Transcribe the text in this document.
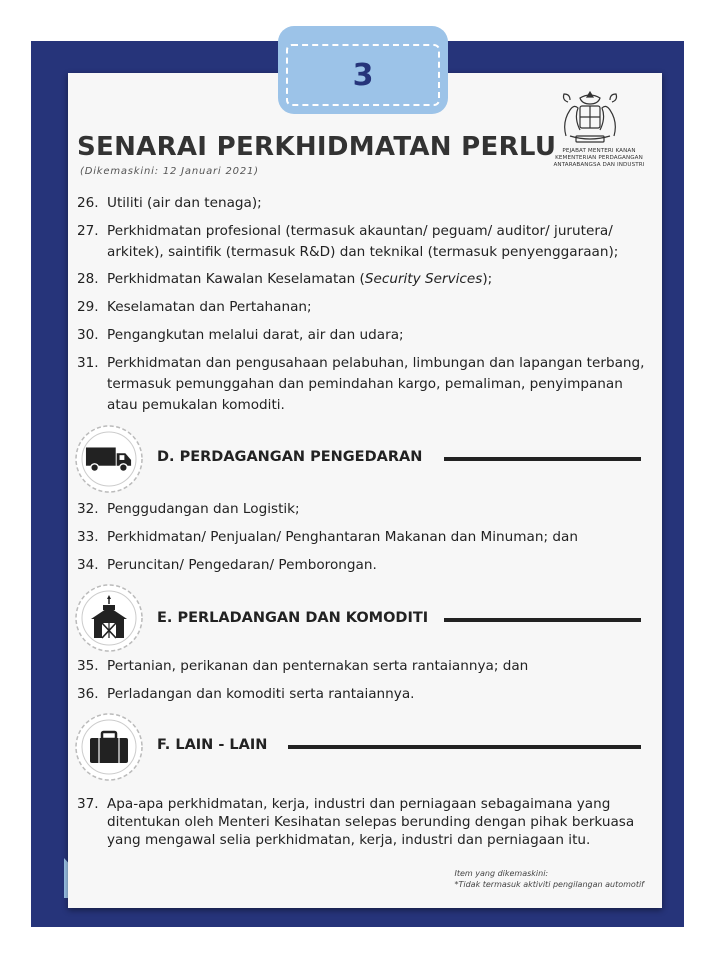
3
SENARAI PERKHIDMATAN PERLU
(Dikemaskini: 12 Januari 2021)
PEJABAT MENTERI KANAN
KEMENTERIAN PERDAGANGAN
ANTARABANGSA DAN INDUSTRI
26. Utiliti (air dan tenaga);
27. Perkhidmatan profesional (termasuk akauntan/ peguam/ auditor/ jurutera/ arkitek), saintifik (termasuk R&D) dan teknikal (termasuk penyenggaraan);
28. Perkhidmatan Kawalan Keselamatan (Security Services);
29. Keselamatan dan Pertahanan;
30. Pengangkutan melalui darat, air dan udara;
31. Perkhidmatan dan pengusahaan pelabuhan, limbungan dan lapangan terbang, termasuk pemunggahan dan pemindahan kargo, pemaliman, penyimpanan atau pemukalan komoditi.
D. PERDAGANGAN PENGEDARAN
32. Penggudangan dan Logistik;
33. Perkhidmatan/ Penjualan/ Penghantaran Makanan dan Minuman; dan
34. Peruncitan/ Pengedaran/ Pemborongan.
E. PERLADANGAN DAN KOMODITI
35. Pertanian, perikanan dan penternakan serta rantaiannya; dan
36. Perladangan dan komoditi serta rantaiannya.
F. LAIN - LAIN
37. Apa-apa perkhidmatan, kerja, industri dan perniagaan sebagaimana yang ditentukan oleh Menteri Kesihatan selepas berunding dengan pihak berkuasa yang mengawal selia perkhidmatan, kerja, industri dan perniagaan itu.
Item yang dikemaskini:
*Tidak termasuk aktiviti pengilangan automotif
